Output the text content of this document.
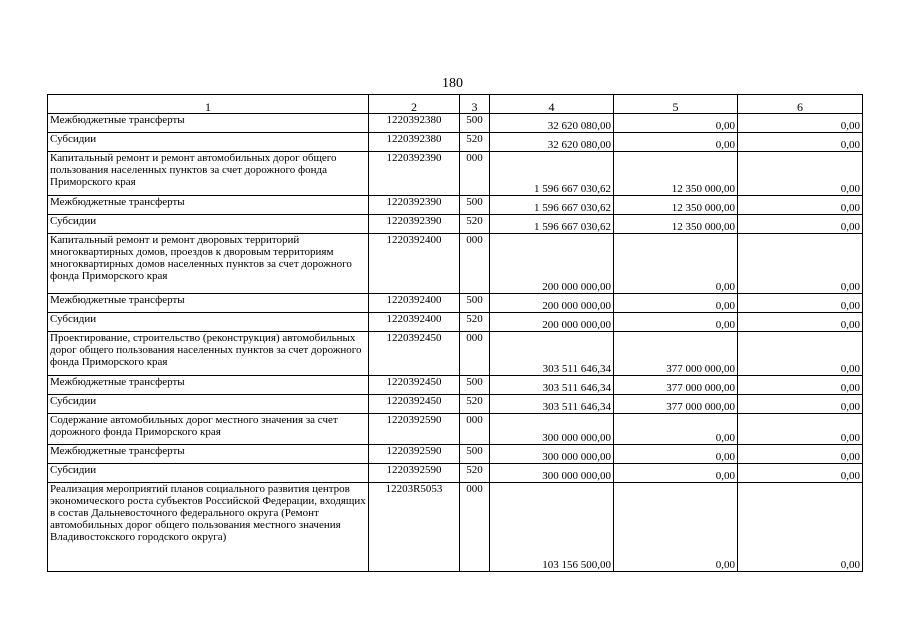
180
1	2	3	4	5	6
Межбюджетные трансферты	1220392380	500	32 620 080,00	0,00	0,00
Субсидии	1220392380	520	32 620 080,00	0,00	0,00
Капитальный ремонт и ремонт автомобильных дорог общего пользования населенных пунктов за счет дорожного фонда Приморского края	1220392390	000	1 596 667 030,62	12 350 000,00	0,00
Межбюджетные трансферты	1220392390	500	1 596 667 030,62	12 350 000,00	0,00
Субсидии	1220392390	520	1 596 667 030,62	12 350 000,00	0,00
Капитальный ремонт и ремонт дворовых территорий многоквартирных домов, проездов к дворовым территориям многоквартирных домов населенных пунктов за счет дорожного фонда Приморского края	1220392400	000	200 000 000,00	0,00	0,00
Межбюджетные трансферты	1220392400	500	200 000 000,00	0,00	0,00
Субсидии	1220392400	520	200 000 000,00	0,00	0,00
Проектирование, строительство (реконструкция) автомобильных дорог общего пользования населенных пунктов за счет дорожного фонда Приморского края	1220392450	000	303 511 646,34	377 000 000,00	0,00
Межбюджетные трансферты	1220392450	500	303 511 646,34	377 000 000,00	0,00
Субсидии	1220392450	520	303 511 646,34	377 000 000,00	0,00
Содержание автомобильных дорог местного значения за счет дорожного фонда Приморского края	1220392590	000	300 000 000,00	0,00	0,00
Межбюджетные трансферты	1220392590	500	300 000 000,00	0,00	0,00
Субсидии	1220392590	520	300 000 000,00	0,00	0,00
Реализация мероприятий планов социального развития центров экономического роста субъектов Российской Федерации, входящих в состав Дальневосточного федерального округа (Ремонт автомобильных дорог общего пользования местного значения Владивостокского городского округа)	12203R5053	000	103 156 500,00	0,00	0,00
